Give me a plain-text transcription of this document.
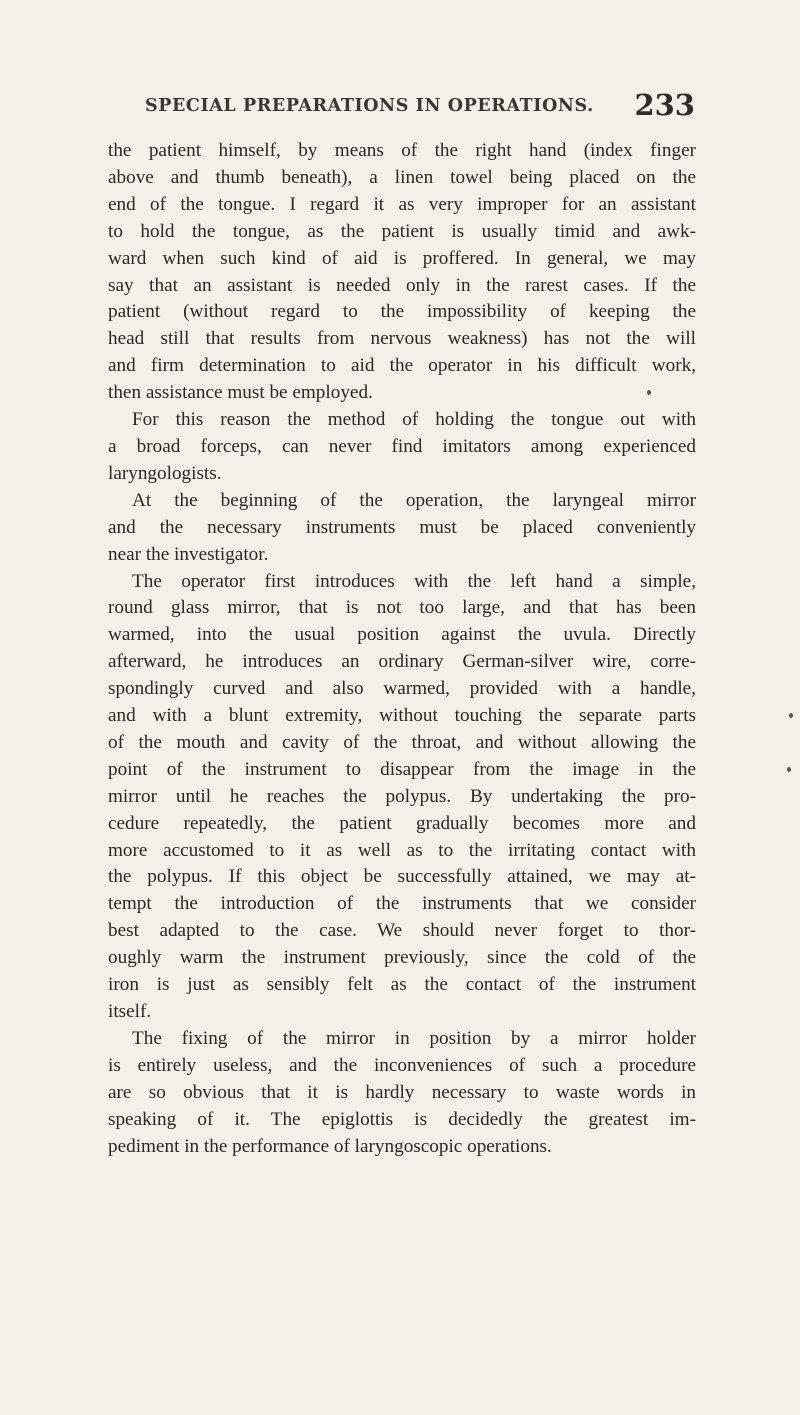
SPECIAL PREPARATIONS IN OPERATIONS. 233

the patient himself, by means of the right hand (index finger
above and thumb beneath), a linen towel being placed on the
end of the tongue. I regard it as very improper for an assistant
to hold the tongue, as the patient is usually timid and awk-
ward when such kind of aid is proffered. In general, we may
say that an assistant is needed only in the rarest cases. If the
patient (without regard to the impossibility of keeping the
head still that results from nervous weakness) has not the will
and firm determination to aid the operator in his difficult work,
then assistance must be employed.

For this reason the method of holding the tongue out with
a broad forceps, can never find imitators among experienced
laryngologists.

At the beginning of the operation, the laryngeal mirror
and the necessary instruments must be placed conveniently
near the investigator.

The operator first introduces with the left hand a simple,
round glass mirror, that is not too large, and that has been
warmed, into the usual position against the uvula. Directly
afterward, he introduces an ordinary German-silver wire, corre-
spondingly curved and also warmed, provided with a handle,
and with a blunt extremity, without touching the separate parts
of the mouth and cavity of the throat, and without allowing the
point of the instrument to disappear from the image in the
mirror until he reaches the polypus. By undertaking the pro-
cedure repeatedly, the patient gradually becomes more and
more accustomed to it as well as to the irritating contact with
the polypus. If this object be successfully attained, we may at-
tempt the introduction of the instruments that we consider
best adapted to the case. We should never forget to thor-
oughly warm the instrument previously, since the cold of the
iron is just as sensibly felt as the contact of the instrument
itself.

The fixing of the mirror in position by a mirror holder
is entirely useless, and the inconveniences of such a procedure
are so obvious that it is hardly necessary to waste words in
speaking of it. The epiglottis is decidedly the greatest im-
pediment in the performance of laryngoscopic operations.
